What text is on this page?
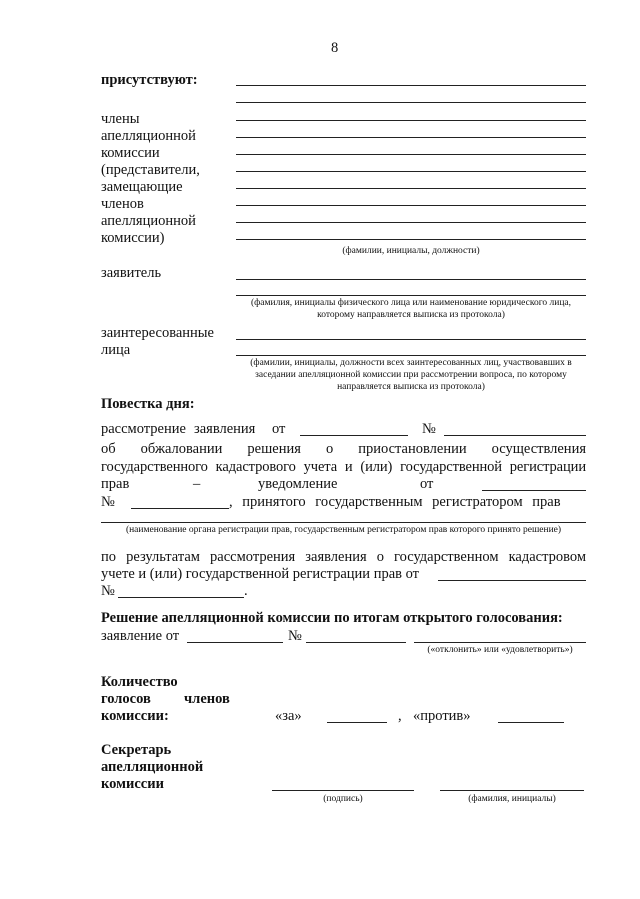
8
присутствуют:
члены
апелляционной
комиссии
(представители,
замещающие
членов
апелляционной
комиссии)
(фамилии, инициалы, должности)
заявитель
(фамилия, инициалы физического лица или наименование юридического лица, которому направляется выписка из протокола)
заинтересованные
лица
(фамилии, инициалы, должности всех заинтересованных лиц, участвовавших в заседании апелляционной комиссии при рассмотрении вопроса, по которому направляется выписка из протокола)
Повестка дня:
рассмотрение заявления от	№
об обжаловании решения о приостановлении осуществления
государственного кадастрового учета и (или) государственной регистрации
прав	–	уведомление	от
№	, принятого государственным регистратором прав
(наименование органа регистрации прав, государственным регистратором прав которого принято решение)
по результатам рассмотрения заявления о государственном кадастровом
учете и (или) государственной регистрации прав от
№	.
Решение апелляционной комиссии по итогам открытого голосования:
заявление от	№
(«отклонить» или «удовлетворить»)
Количество
голосов членов
комиссии:	«за»	, «против»
Секретарь
апелляционной
комиссии
(подпись)	(фамилия, инициалы)
